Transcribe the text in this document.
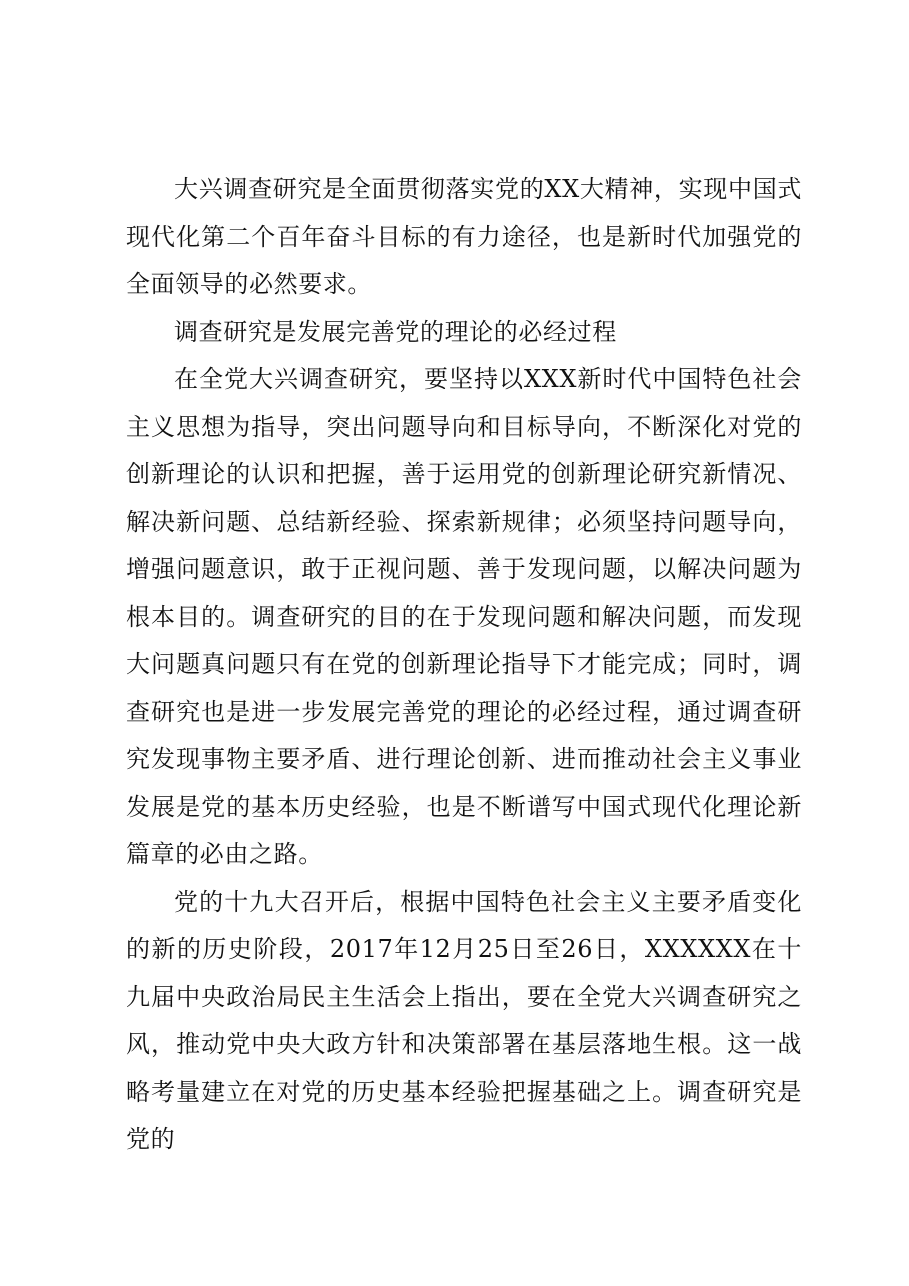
大兴调查研究是全面贯彻落实党的XX大精神，实现中国式现代化第二个百年奋斗目标的有力途径，也是新时代加强党的全面领导的必然要求。

调查研究是发展完善党的理论的必经过程

在全党大兴调查研究，要坚持以XXX新时代中国特色社会主义思想为指导，突出问题导向和目标导向，不断深化对党的创新理论的认识和把握，善于运用党的创新理论研究新情况、解决新问题、总结新经验、探索新规律；必须坚持问题导向，增强问题意识，敢于正视问题、善于发现问题，以解决问题为根本目的。调查研究的目的在于发现问题和解决问题，而发现大问题真问题只有在党的创新理论指导下才能完成；同时，调查研究也是进一步发展完善党的理论的必经过程，通过调查研究发现事物主要矛盾、进行理论创新、进而推动社会主义事业发展是党的基本历史经验，也是不断谱写中国式现代化理论新篇章的必由之路。

党的十九大召开后，根据中国特色社会主义主要矛盾变化的新的历史阶段，2017年12月25日至26日，XXXXXX在十九届中央政治局民主生活会上指出，要在全党大兴调查研究之风，推动党中央大政方针和决策部署在基层落地生根。这一战略考量建立在对党的历史基本经验把握基础之上。调查研究是党的
